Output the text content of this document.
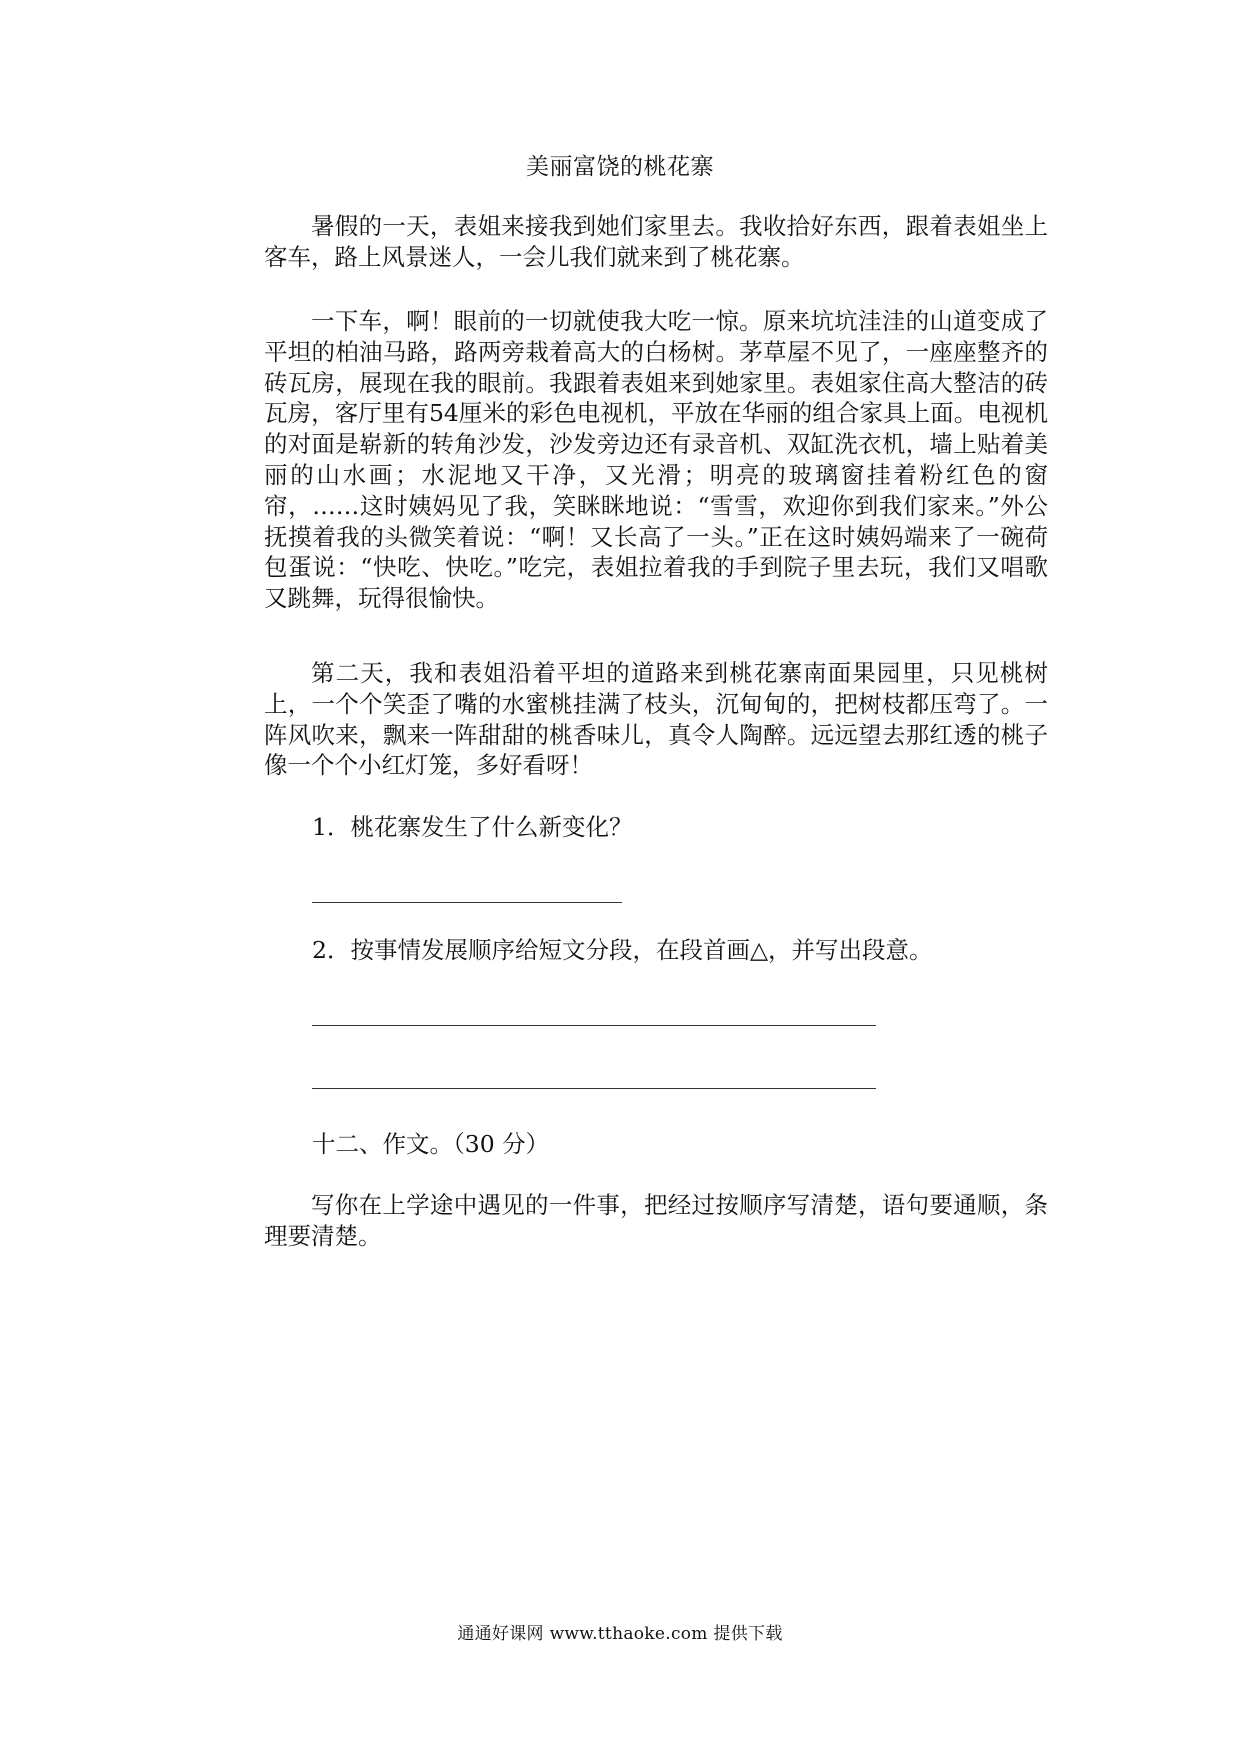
美丽富饶的桃花寨

暑假的一天，表姐来接我到她们家里去。我收拾好东西，跟着表姐坐上客车，路上风景迷人，一会儿我们就来到了桃花寨。

一下车，啊！眼前的一切就使我大吃一惊。原来坑坑洼洼的山道变成了平坦的柏油马路，路两旁栽着高大的白杨树。茅草屋不见了，一座座整齐的砖瓦房，展现在我的眼前。我跟着表姐来到她家里。表姐家住高大整洁的砖瓦房，客厅里有54厘米的彩色电视机，平放在华丽的组合家具上面。电视机的对面是崭新的转角沙发，沙发旁边还有录音机、双缸洗衣机，墙上贴着美丽的山水画；水泥地又干净，又光滑；明亮的玻璃窗挂着粉红色的窗帘，……这时姨妈见了我，笑眯眯地说：“雪雪，欢迎你到我们家来。”外公抚摸着我的头微笑着说：“啊！又长高了一头。”正在这时姨妈端来了一碗荷包蛋说：“快吃、快吃。”吃完，表姐拉着我的手到院子里去玩，我们又唱歌又跳舞，玩得很愉快。

第二天，我和表姐沿着平坦的道路来到桃花寨南面果园里，只见桃树上，一个个笑歪了嘴的水蜜桃挂满了枝头，沉甸甸的，把树枝都压弯了。一阵风吹来，飘来一阵甜甜的桃香味儿，真令人陶醉。远远望去那红透的桃子像一个个小红灯笼，多好看呀！

1．桃花寨发生了什么新变化？
2．按事情发展顺序给短文分段，在段首画△，并写出段意。
十二、作文。（30 分）

写你在上学途中遇见的一件事，把经过按顺序写清楚，语句要通顺，条理要清楚。

通通好课网 www.tthaoke.com 提供下载
